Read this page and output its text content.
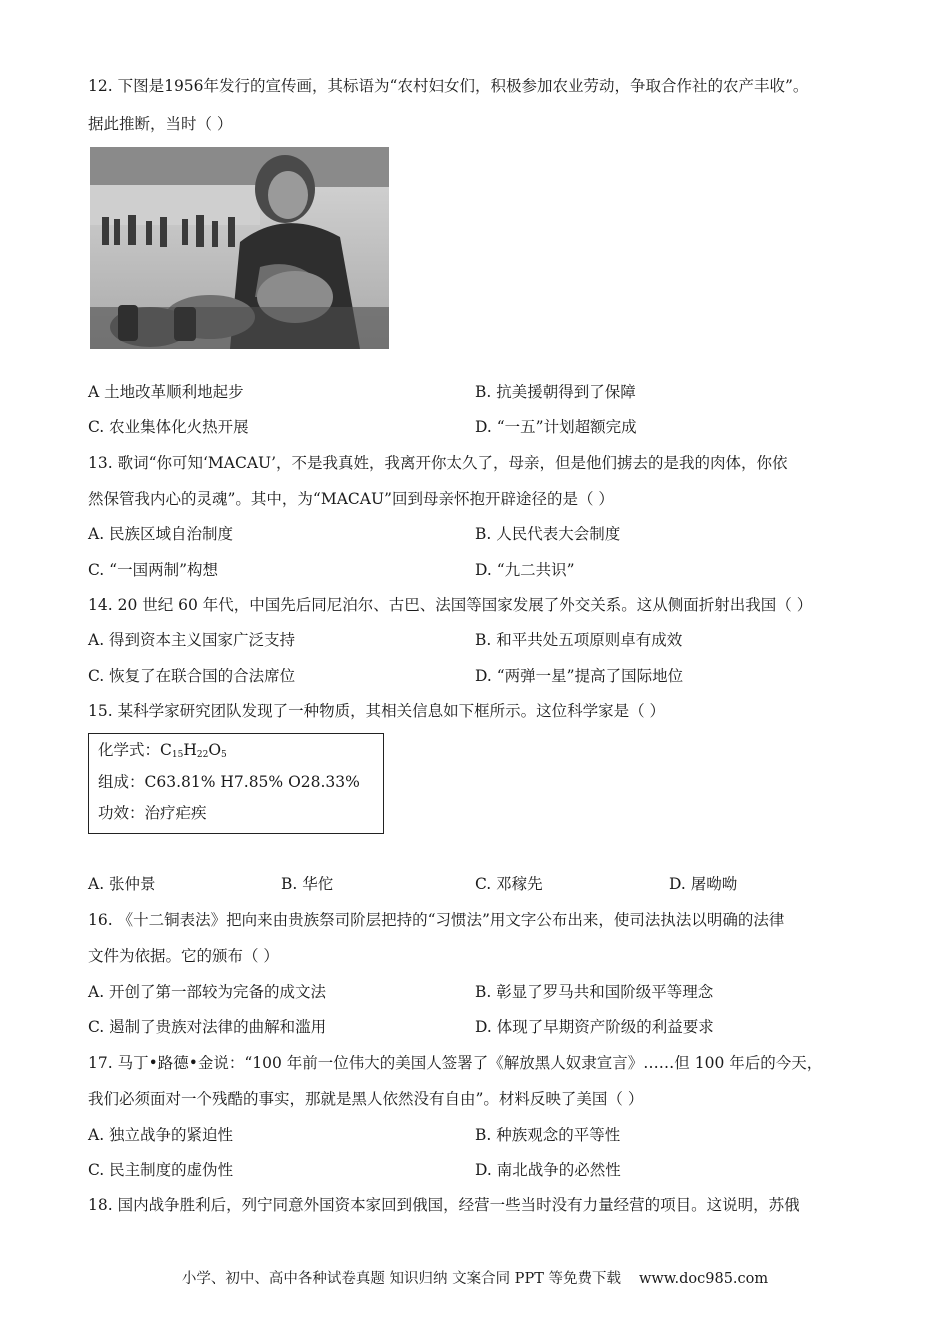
12. 下图是1956年发行的宣传画，其标语为“农村妇女们，积极参加农业劳动，争取合作社的农产丰收”。
据此推断，当时（ ）
A 土地改革顺利地起步	B. 抗美援朝得到了保障
C. 农业集体化火热开展	D. “一五”计划超额完成
13. 歌词“你可知‘MACAU’，不是我真姓，我离开你太久了，母亲，但是他们掳去的是我的肉体，你依
然保管我内心的灵魂”。其中，为“MACAU”回到母亲怀抱开辟途径的是（ ）
A. 民族区域自治制度	B. 人民代表大会制度
C. “一国两制”构想	D. “九二共识”
14. 20 世纪 60 年代，中国先后同尼泊尔、古巴、法国等国家发展了外交关系。这从侧面折射出我国（ ）
A. 得到资本主义国家广泛支持	B. 和平共处五项原则卓有成效
C. 恢复了在联合国的合法席位	D. “两弹一星”提高了国际地位
15. 某科学家研究团队发现了一种物质，其相关信息如下框所示。这位科学家是（ ）
化学式：$C_{15}H_{22}O_5$
组成：C63.81% H7.85% O28.33%
功效：治疗疟疾
A. 张仲景	B. 华佗	C. 邓稼先	D. 屠呦呦
16. 《十二铜表法》把向来由贵族祭司阶层把持的“习惯法”用文字公布出来，使司法执法以明确的法律
文件为依据。它的颁布（ ）
A. 开创了第一部较为完备的成文法	B. 彰显了罗马共和国阶级平等理念
C. 遏制了贵族对法律的曲解和滥用	D. 体现了早期资产阶级的利益要求
17. 马丁•路德•金说：“100 年前一位伟大的美国人签署了《解放黑人奴隶宣言》……但 100 年后的今天，
我们必须面对一个残酷的事实，那就是黑人依然没有自由”。材料反映了美国（ ）
A. 独立战争的紧迫性	B. 种族观念的平等性
C. 民主制度的虚伪性	D. 南北战争的必然性
18. 国内战争胜利后，列宁同意外国资本家回到俄国，经营一些当时没有力量经营的项目。这说明，苏俄
小学、初中、高中各种试卷真题 知识归纳 文案合同 PPT 等免费下载 www.doc985.com
